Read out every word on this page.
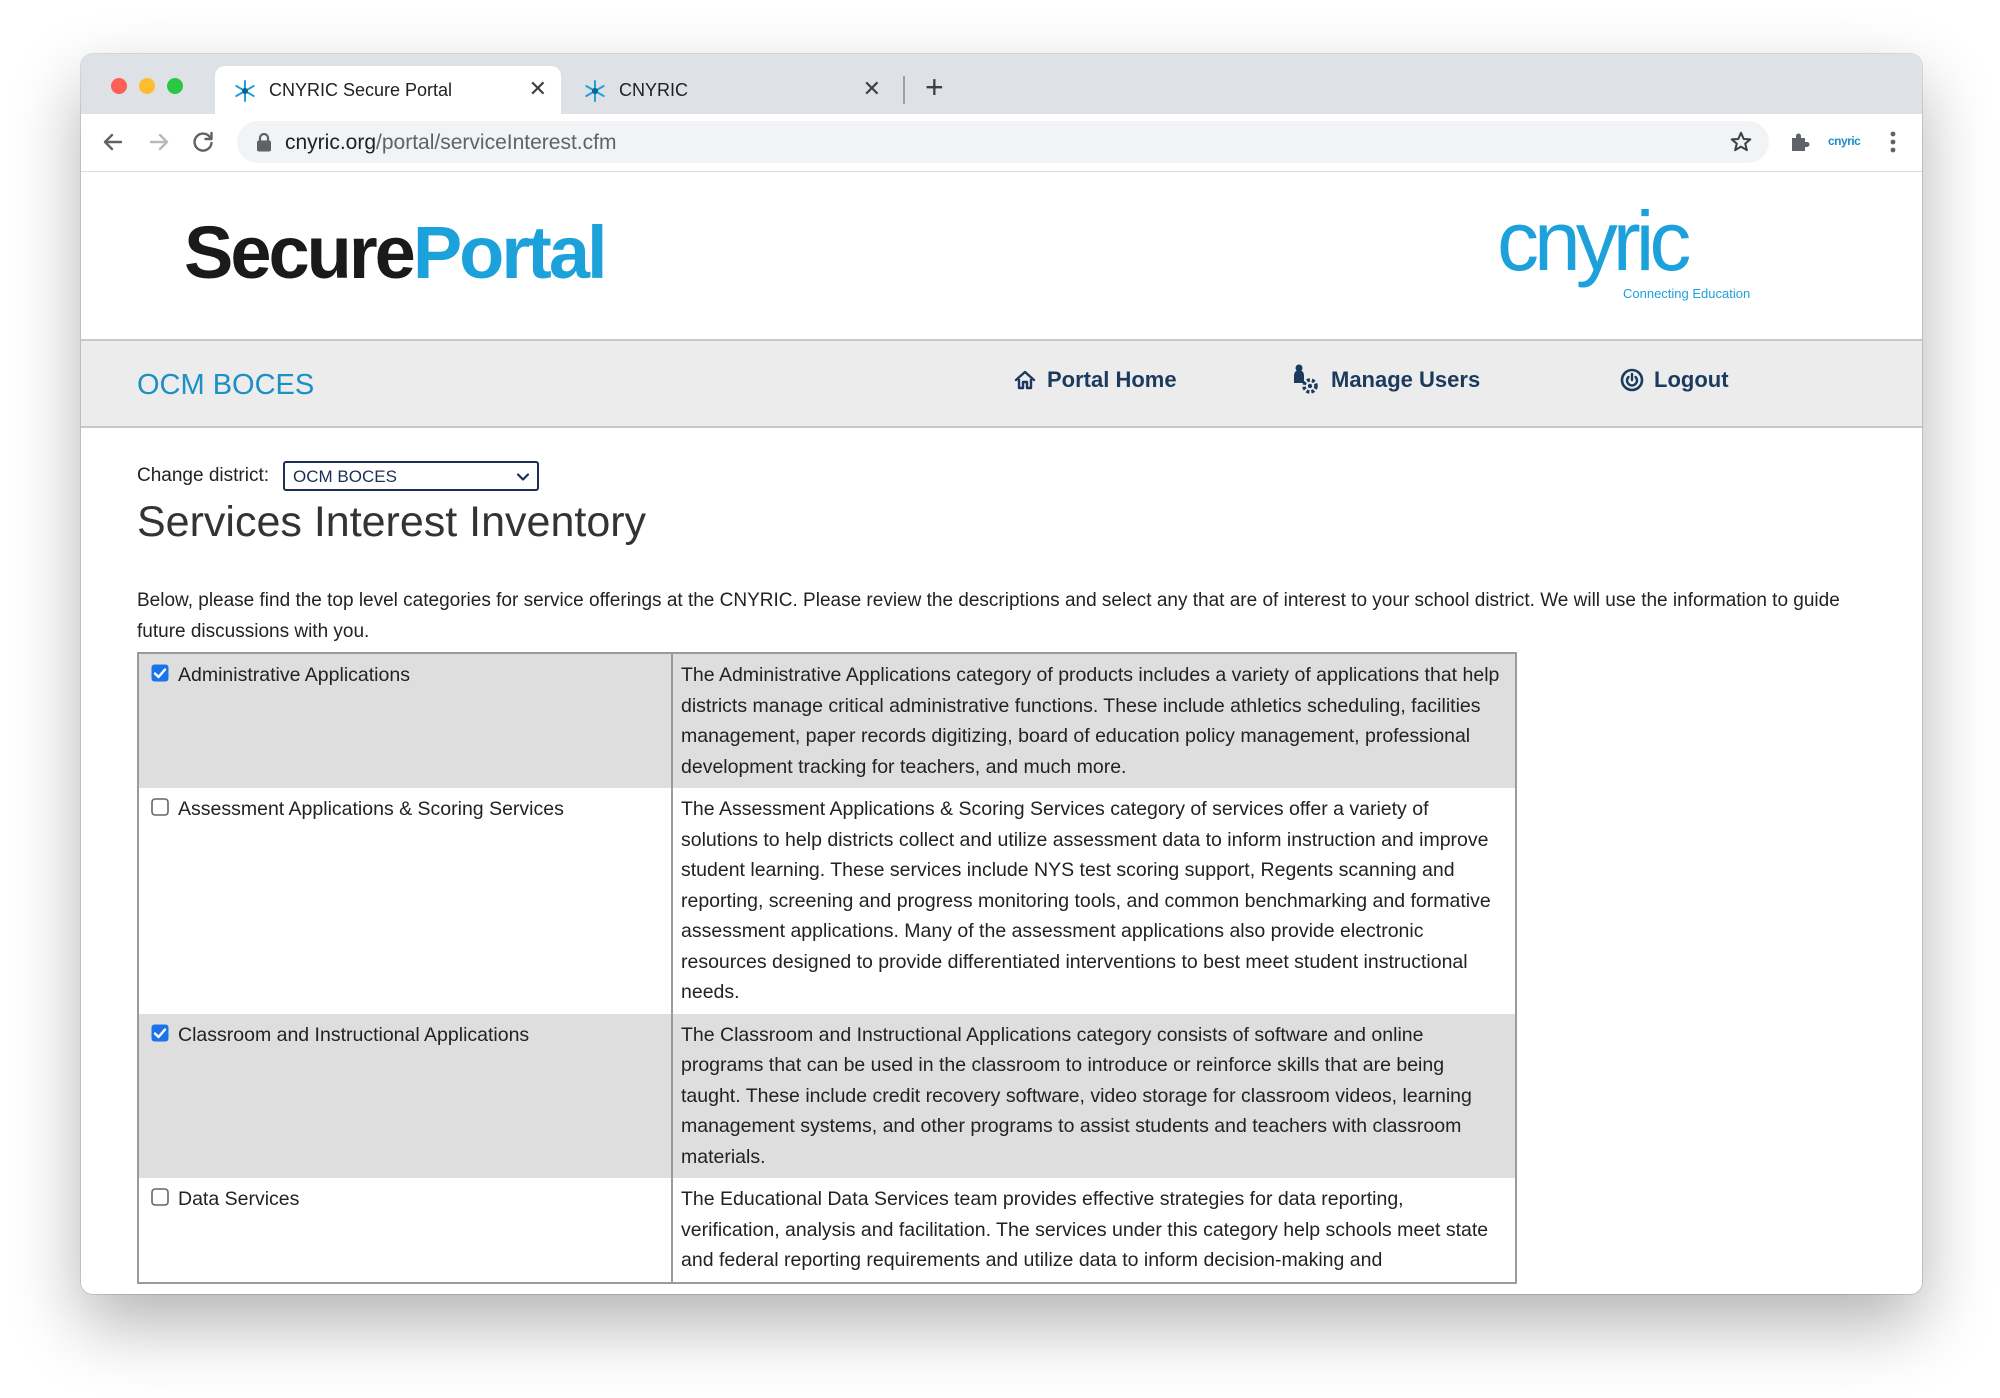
CNYRIC Secure Portal	✕	CNYRIC	✕ +
cnyric.org/portal/serviceInterest.cfm	cnyric
SecurePortal	cnyric
Connecting Education
OCM BOCES	Portal Home	Manage Users	Logout
Change district:	OCM BOCES
Services Interest Inventory

Below, please find the top level categories for service offerings at the CNYRIC. Please review the descriptions and select any that are of interest to your school district. We will use the information to guide future discussions with you.

Administrative Applications	The Administrative Applications category of products includes a variety of applications that help districts manage critical administrative functions. These include athletics scheduling, facilities management, paper records digitizing, board of education policy management, professional development tracking for teachers, and much more.
Assessment Applications & Scoring Services	The Assessment Applications & Scoring Services category of services offer a variety of solutions to help districts collect and utilize assessment data to inform instruction and improve student learning. These services include NYS test scoring support, Regents scanning and reporting, screening and progress monitoring tools, and common benchmarking and formative assessment applications. Many of the assessment applications also provide electronic resources designed to provide differentiated interventions to best meet student instructional needs.
Classroom and Instructional Applications	The Classroom and Instructional Applications category consists of software and online programs that can be used in the classroom to introduce or reinforce skills that are being taught. These include credit recovery software, video storage for classroom videos, learning management systems, and other programs to assist students and teachers with classroom materials.
Data Services	The Educational Data Services team provides effective strategies for data reporting, verification, analysis and facilitation. The services under this category help schools meet state and federal reporting requirements and utilize data to inform decision-making and
